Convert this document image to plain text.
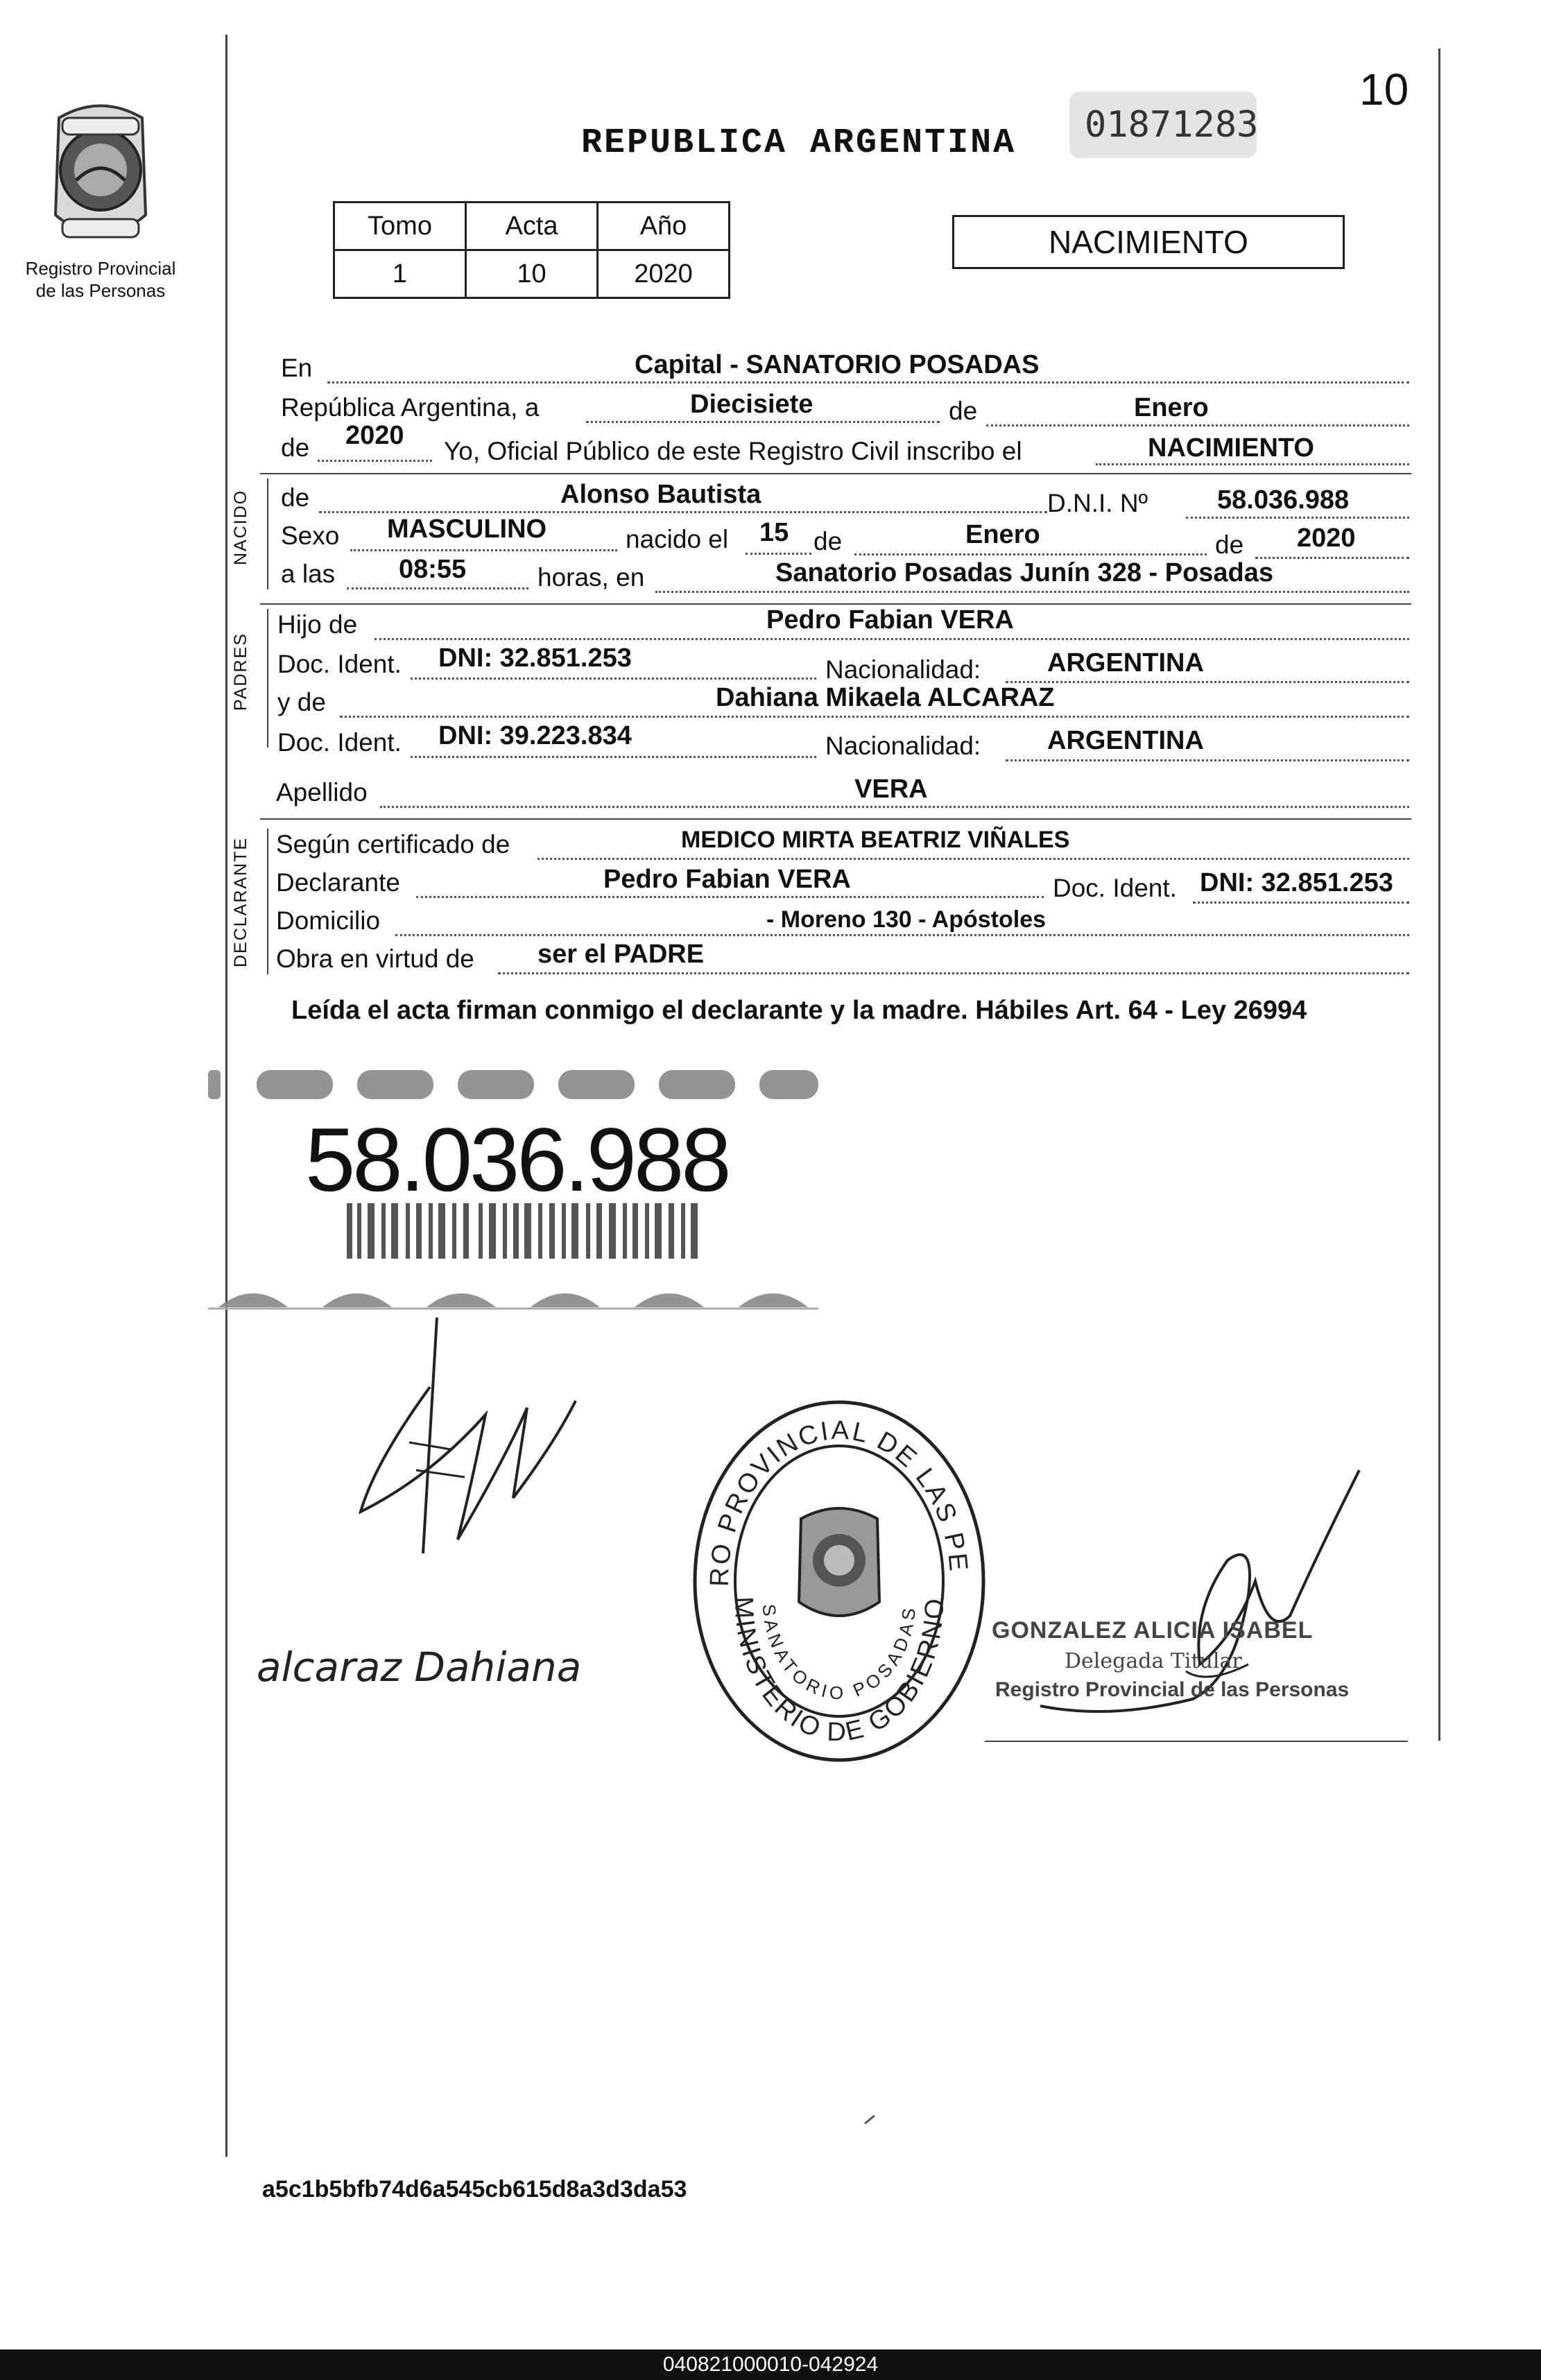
10
Registro Provincial
de las Personas
REPUBLICA ARGENTINA	01871283
Tomo	Acta	Año
1	10	2020
NACIMIENTO
En	Capital - SANATORIO POSADAS
República Argentina, a	Diecisiete	de	Enero
de 2020
Yo, Oficial Público de este Registro Civil inscribo el	NACIMIENTO
NACIDO de	Alonso Bautista	D.N.I. Nº	58.036.988
Sexo MASCULINO	nacido el 15 de	Enero	de 2020
a las 08:55	horas, en	Sanatorio Posadas Junín 328 - Posadas
PADRES
Hijo de	Pedro Fabian VERA
Doc. Ident. DNI: 32.851.253	Nacionalidad:	ARGENTINA
y de	Dahiana Mikaela ALCARAZ
Doc. Ident. DNI: 39.223.834	Nacionalidad:	ARGENTINA
Apellido	VERA
DECLARANTE Según certificado de	MEDICO MIRTA BEATRIZ VIÑALES
Declarante	Pedro Fabian VERA	Doc. Ident. DNI: 32.851.253
Domicilio	- Moreno 130 - Apóstoles
Obra en virtud de ser el PADRE
Leída el acta firman conmigo el declarante y la madre. Hábiles Art. 64 - Ley 26994
58.036.988
alcaraz Dahiana
RO PROVINCIAL DE LAS PE
MINISTERIO DE GOBIERNO
SANATORIO POSADAS
GONZALEZ ALICIA ISABEL
Delegada Titular
Registro Provincial de las Personas
a5c1b5bfb74d6a545cb615d8a3d3da53
040821000010-042924
